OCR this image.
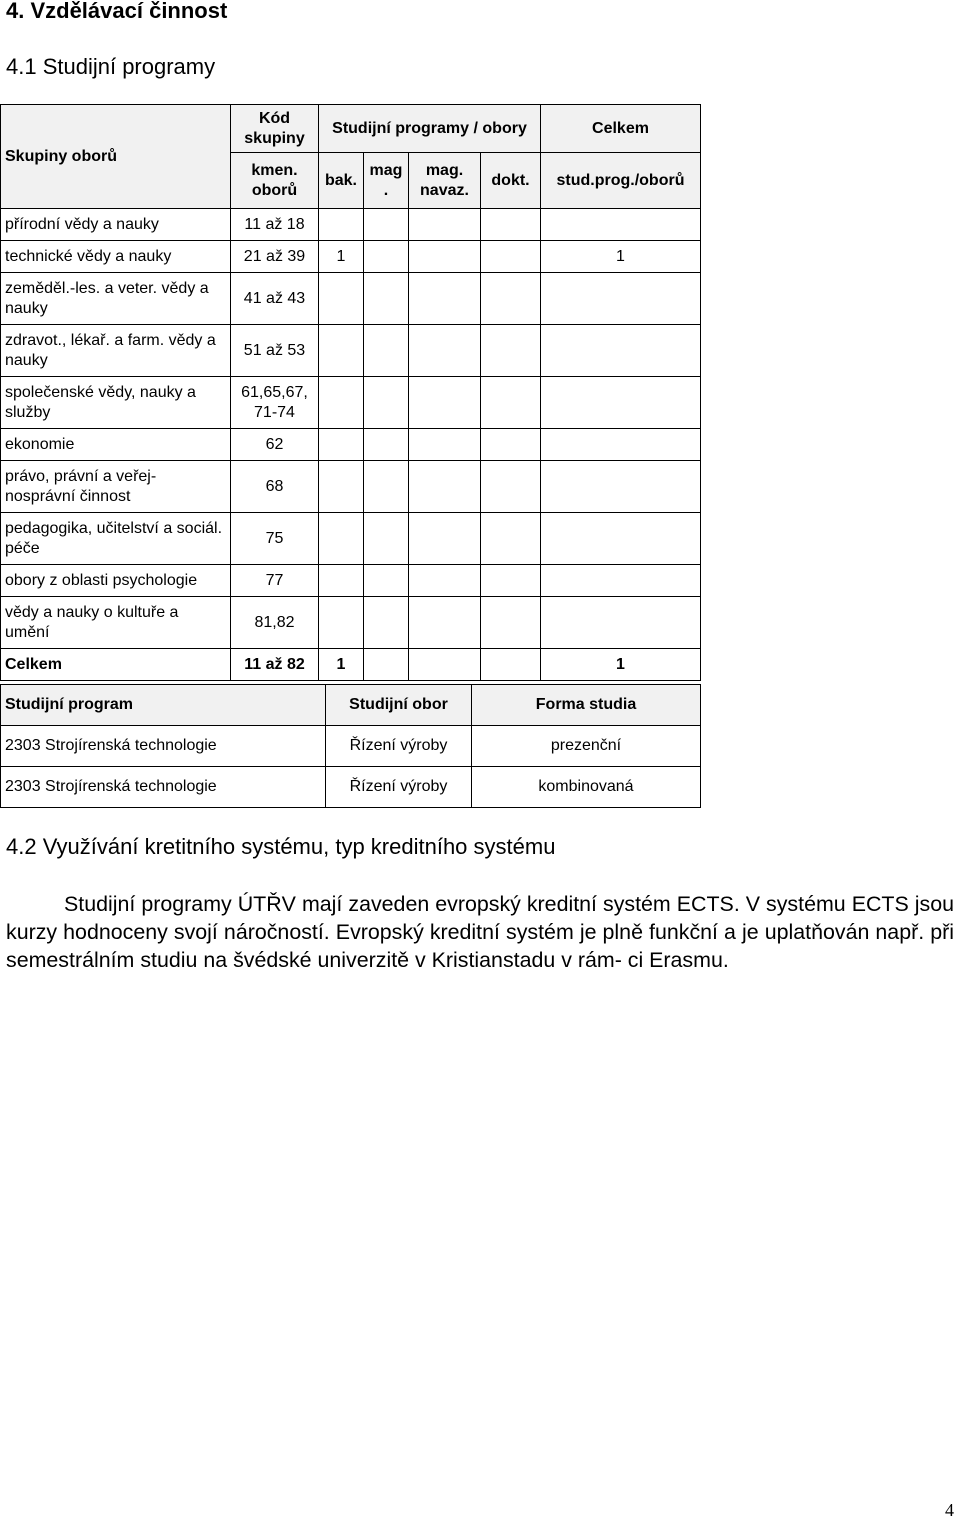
4. Vzdělávací činnost
4.1 Studijní programy
Skupiny oborů	Kód skupiny	Studijní programy / obory				Celkem
	kmen. oborů	bak.	mag .	mag. navaz.	dokt.	stud.prog./oborů
přírodní vědy a nauky	11 až 18					
technické vědy a nauky	21 až 39	1				1
zeměděl.-les. a veter. vědy a nauky	41 až 43					
zdravot., lékař. a farm. vědy a nauky	51 až 53					
společenské vědy, nauky a služby	61,65,67, 71-74					
ekonomie	62					
právo, právní a veřej- nosprávní činnost	68					
pedagogika, učitelství a sociál. péče	75					
obory z oblasti psychologie	77					
vědy a nauky o kultuře a umění	81,82					
Celkem	11 až 82	1				1
Studijní program	Studijní obor	Forma studia
2303 Strojírenská technologie	Řízení výroby	prezenční
2303 Strojírenská technologie	Řízení výroby	kombinovaná
4.2 Využívání kretitního systému, typ kreditního systému

Studijní programy ÚTŘV mají zaveden evropský kreditní systém ECTS. V systému ECTS jsou kurzy hodnoceny svojí náročností. Evropský kreditní systém je plně funkční a je uplatňován např. při semestrálním studiu na švédské univerzitě v Kristianstadu v rám- ci Erasmu.

4
